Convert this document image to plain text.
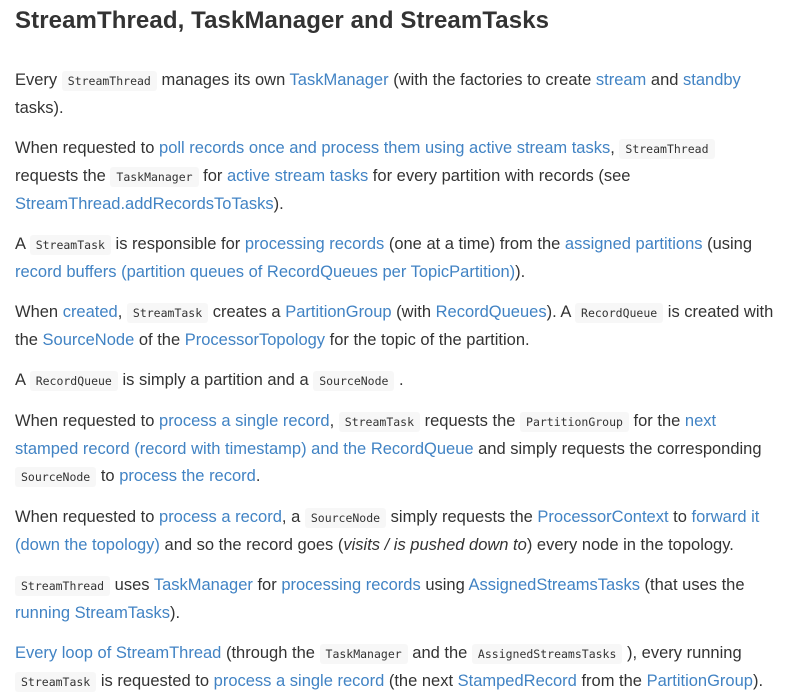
StreamThread, TaskManager and StreamTasks

Every StreamThread manages its own TaskManager (with the factories to create stream and standby tasks).

When requested to poll records once and process them using active stream tasks, StreamThread requests the TaskManager for active stream tasks for every partition with records (see StreamThread.addRecordsToTasks).

A StreamTask is responsible for processing records (one at a time) from the assigned partitions (using record buffers (partition queues of RecordQueues per TopicPartition)).

When created, StreamTask creates a PartitionGroup (with RecordQueues). A RecordQueue is created with the SourceNode of the ProcessorTopology for the topic of the partition.

A RecordQueue is simply a partition and a SourceNode .

When requested to process a single record, StreamTask requests the PartitionGroup for the next stamped record (record with timestamp) and the RecordQueue and simply requests the corresponding SourceNode to process the record.

When requested to process a record, a SourceNode simply requests the ProcessorContext to forward it (down the topology) and so the record goes (visits / is pushed down to) every node in the topology.

StreamThread uses TaskManager for processing records using AssignedStreamsTasks (that uses the running StreamTasks).

Every loop of StreamThread (through the TaskManager and the AssignedStreamsTasks ), every running StreamTask is requested to process a single record (the next StampedRecord from the PartitionGroup).
